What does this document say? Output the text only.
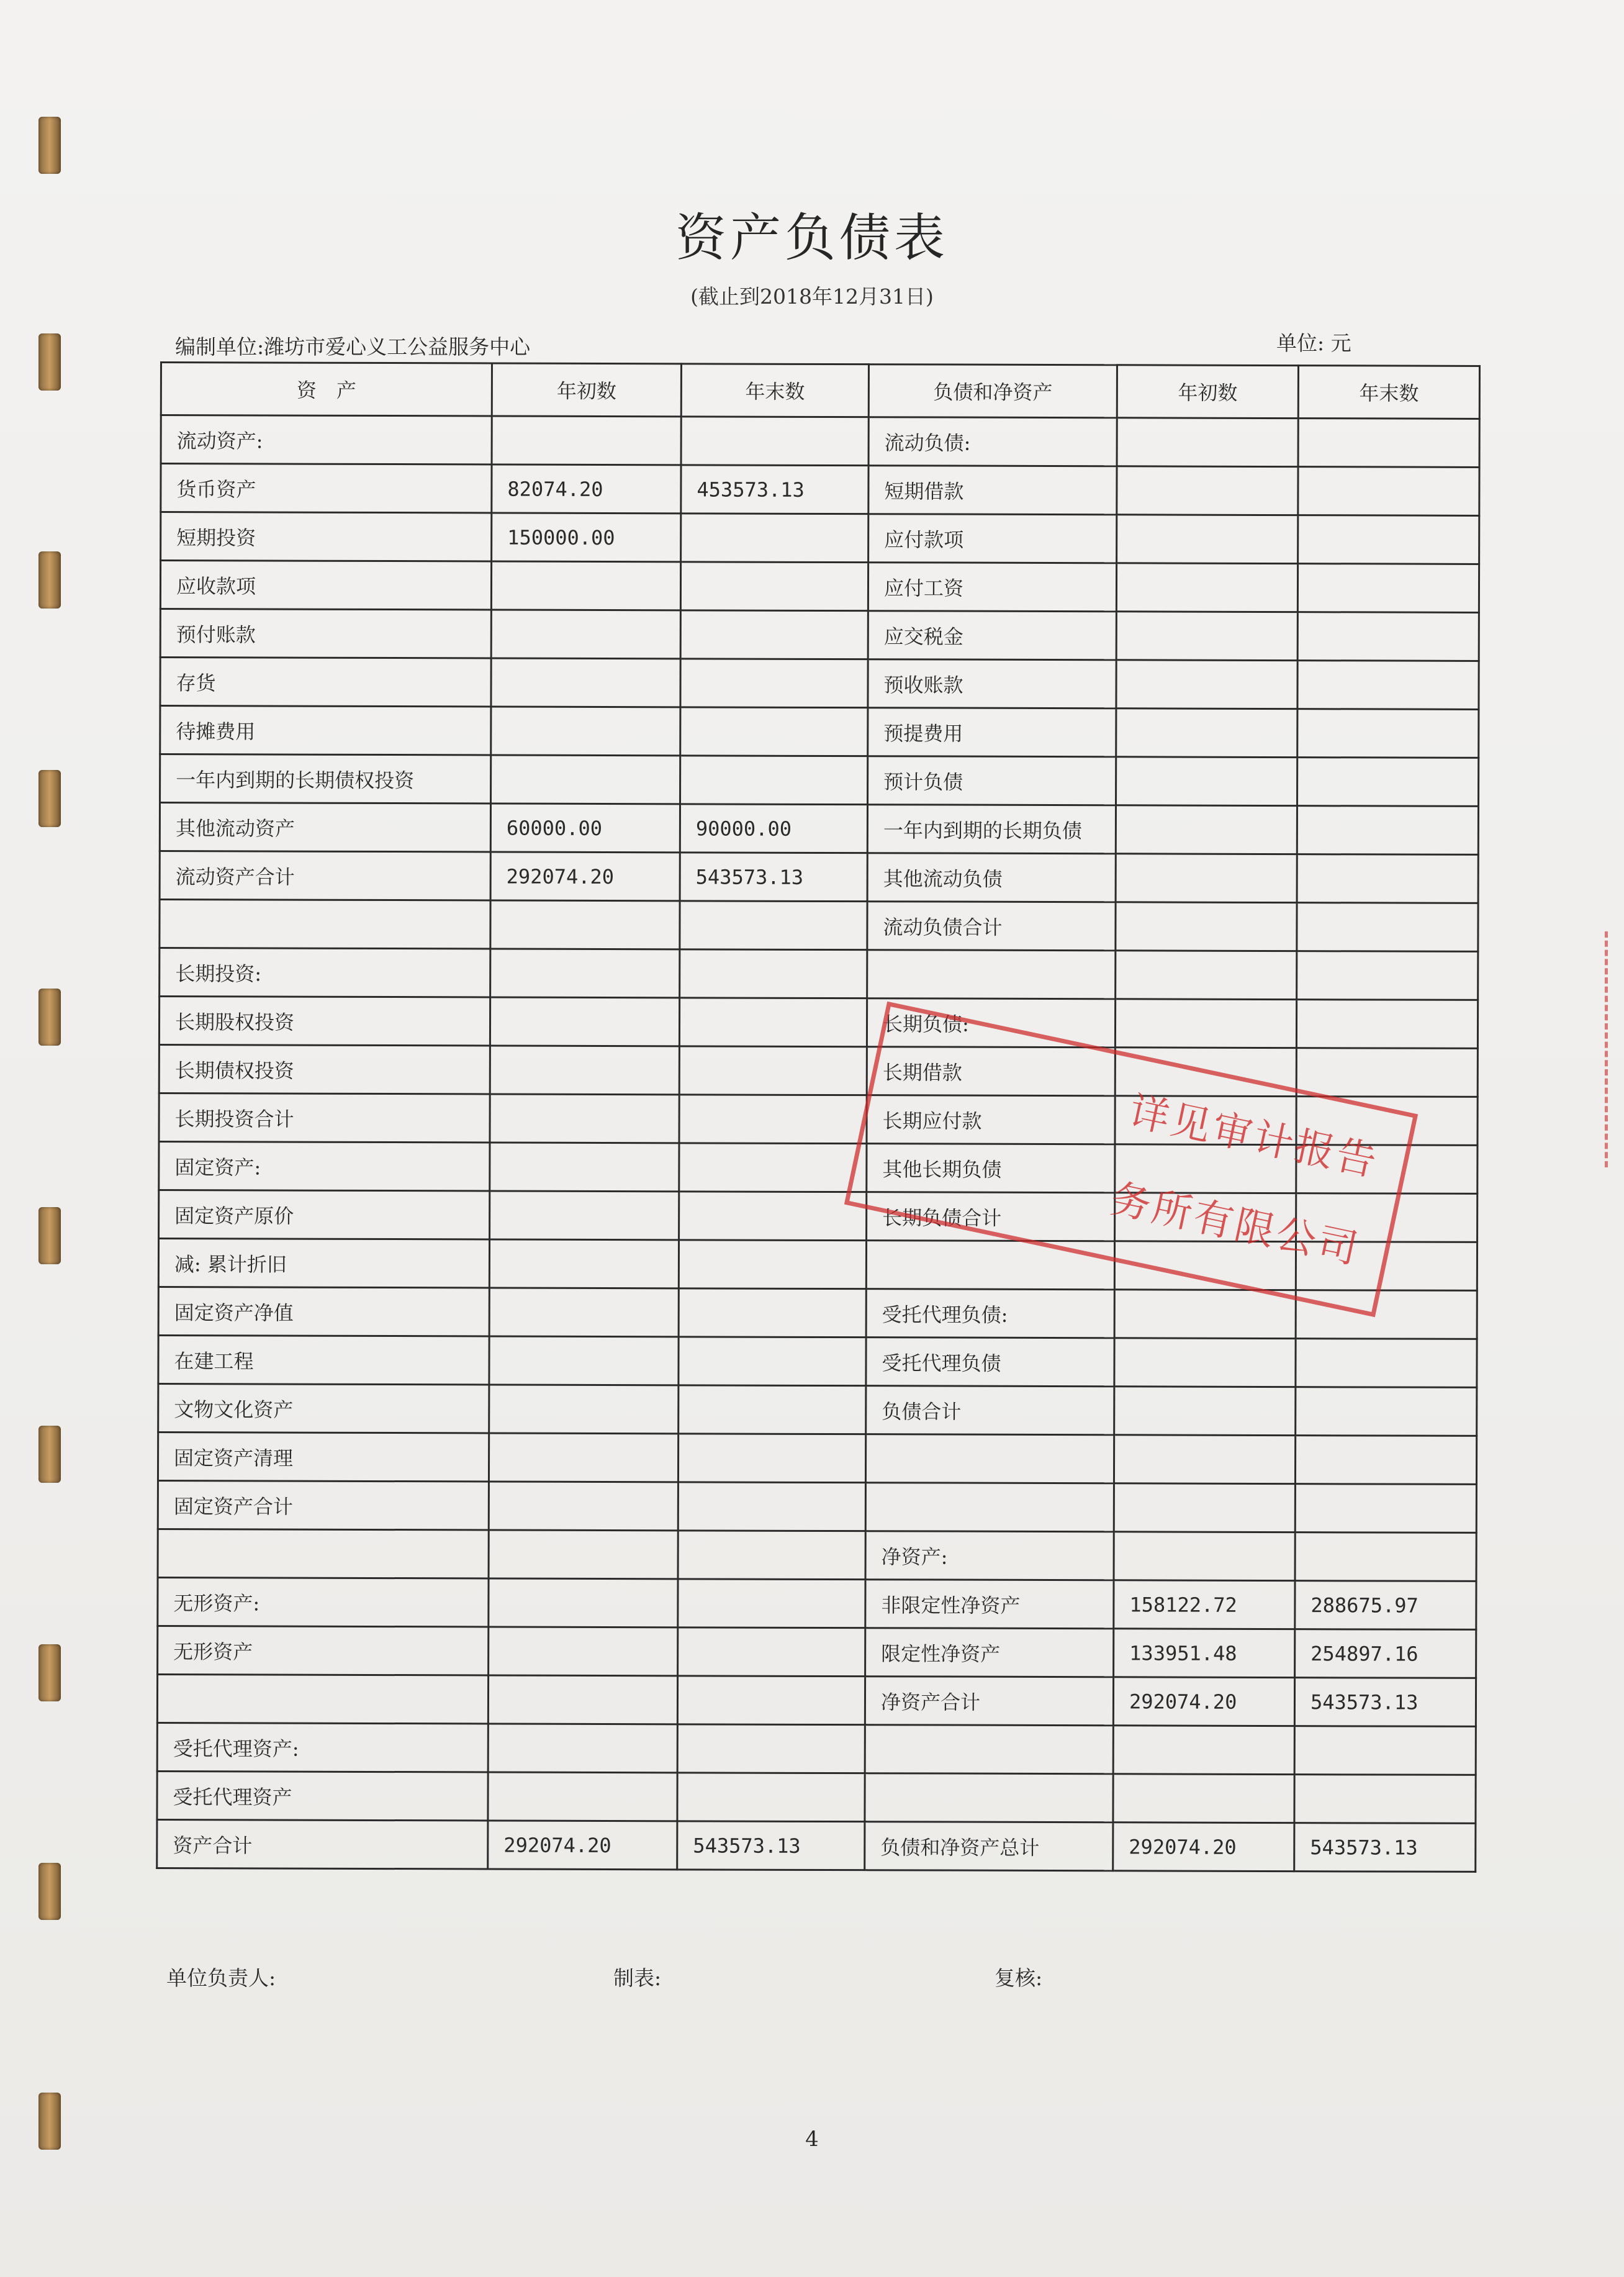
资产负债表
(截止到2018年12月31日)
编制单位:潍坊市爱心义工公益服务中心	单位: 元
资　产	年初数	年末数	负债和净资产	年初数	年末数
流动资产:			流动负债:		
货币资产	82074.20	453573.13	短期借款		
短期投资	150000.00		应付款项		
应收款项			应付工资		
预付账款			应交税金		
存货			预收账款		
待摊费用			预提费用		
一年内到期的长期债权投资			预计负债		
其他流动资产	60000.00	90000.00	一年内到期的长期负债		
流动资产合计	292074.20	543573.13	其他流动负债		
			流动负债合计		
长期投资:					
长期股权投资			长期负债:		
长期债权投资			长期借款		
长期投资合计			长期应付款		
固定资产:			其他长期负债		
固定资产原价			长期负债合计		
减: 累计折旧					
固定资产净值			受托代理负债:		
在建工程			受托代理负债		
文物文化资产			负债合计		
固定资产清理					
固定资产合计					
			净资产:		
无形资产:			非限定性净资产	158122.72	288675.97
无形资产			限定性净资产	133951.48	254897.16
			净资产合计	292074.20	543573.13
受托代理资产:					
受托代理资产					
资产合计	292074.20	543573.13	负债和净资产总计	292074.20	543573.13
单位负责人:	制表:	复核:
4
详见审计报告
务所有限公司
